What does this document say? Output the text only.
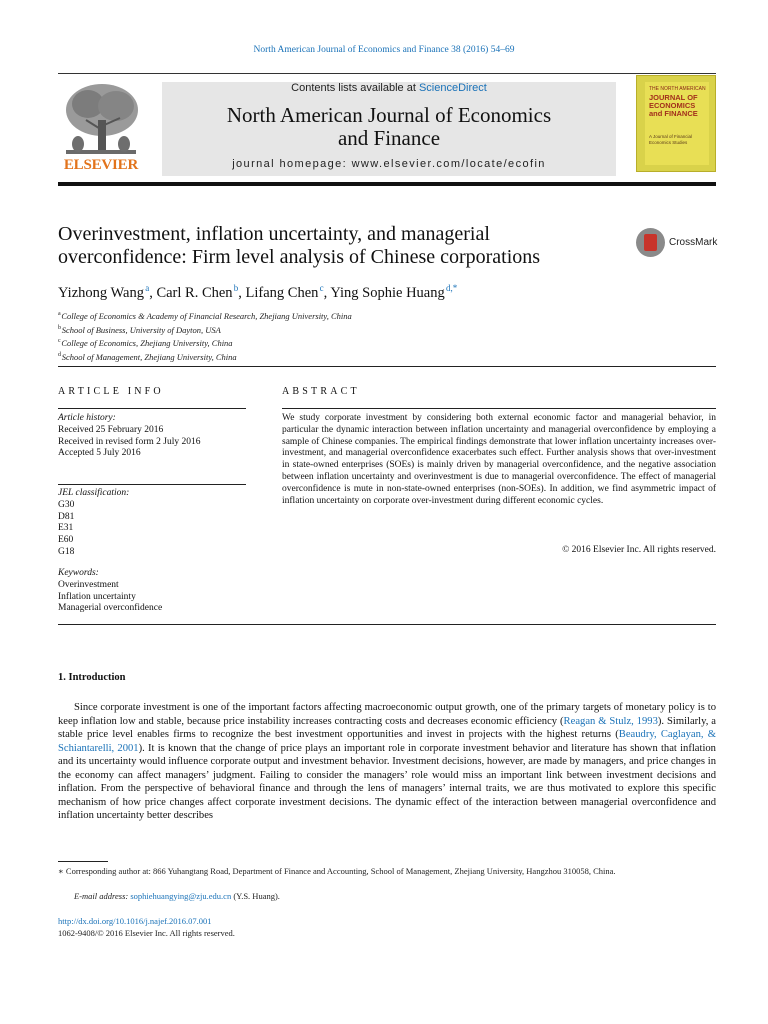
North American Journal of Economics and Finance 38 (2016) 54–69
ELSEVIER
Contents lists available at ScienceDirect
North American Journal of Economics
and Finance
journal homepage: www.elsevier.com/locate/ecofin
THE NORTH AMERICAN
JOURNAL OF
ECONOMICS
and FINANCE
A Journal of Financial
Economics Studies
Overinvestment, inflation uncertainty, and managerial
overconfidence: Firm level analysis of Chinese corporations
CrossMark
Yizhong Wang $^a$, Carl R. Chen $^b$, Lifang Chen $^c$, Ying Sophie Huang $^{d,*}$
$^a$ College of Economics & Academy of Financial Research, Zhejiang University, China
$^b$ School of Business, University of Dayton, USA
$^c$ College of Economics, Zhejiang University, China
$^d$ School of Management, Zhejiang University, China
ARTICLE INFO	ABSTRACT
Article history:
Received 25 February 2016
Received in revised form 2 July 2016
Accepted 5 July 2016
JEL classification:
G30
D81
E31
E60
G18
Keywords:
Overinvestment
Inflation uncertainty
Managerial overconfidence
We study corporate investment by considering both external economic factor and managerial behavior, in particular the dynamic interaction between inflation uncertainty and managerial overconfidence by employing a sample of Chinese companies. The empirical findings demonstrate that lower inflation uncertainty increases over-investment, and managerial overconfidence exacerbates such effect. Further analysis shows that over-investment in state-owned enterprises (SOEs) is mainly driven by managerial overconfidence, and the negative association between inflation uncertainty and overinvestment is due to managerial overconfidence. The effect of managerial overconfidence is mute in non-state-owned enterprises (non-SOEs). In addition, we find asymmetric impact of inflation uncertainty on corporate over-investment during different economic cycles.
© 2016 Elsevier Inc. All rights reserved.
1. Introduction
Since corporate investment is one of the important factors affecting macroeconomic output growth, one of the primary targets of monetary policy is to keep inflation low and stable, because price instability increases contracting costs and decreases economic efficiency (Reagan & Stulz, 1993). Similarly, a stable price level enables firms to recognize the best investment opportunities and invest in projects with the highest returns (Beaudry, Caglayan, & Schiantarelli, 2001). It is known that the change of price plays an important role in corporate investment behavior and literature has shown that inflation and its uncertainty would influence corporate output and investment behavior. Investment decisions, however, are made by managers, and price changes in the economy can affect managers’ judgment. Failing to consider the managers’ role would miss an important link between investment decisions and inflation. From the perspective of behavioral finance and through the lens of managers’ internal traits, we are thus motivated to explore this specific mechanism of how price changes affect corporate investment decisions. The dynamic effect of the interaction between managerial overconfidence and inflation uncertainty better describes
∗ Corresponding author at: 866 Yuhangtang Road, Department of Finance and Accounting, School of Management, Zhejiang University, Hangzhou 310058, China.
E-mail address: sophiehuangying@zju.edu.cn (Y.S. Huang).
http://dx.doi.org/10.1016/j.najef.2016.07.001
1062-9408/© 2016 Elsevier Inc. All rights reserved.
